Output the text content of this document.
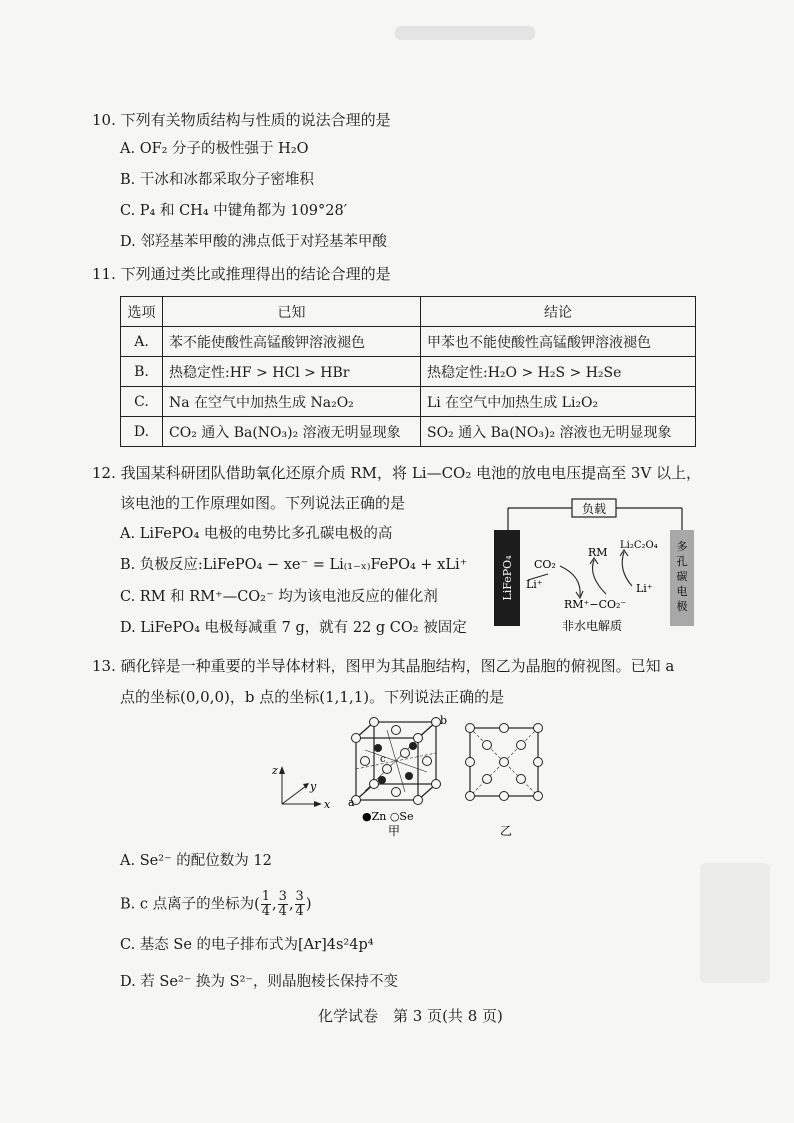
10. 下列有关物质结构与性质的说法合理的是
A. OF₂ 分子的极性强于 H₂O
B. 干冰和冰都采取分子密堆积
C. P₄ 和 CH₄ 中键角都为 109°28′
D. 邻羟基苯甲酸的沸点低于对羟基苯甲酸
11. 下列通过类比或推理得出的结论合理的是
选项	已知	结论
A.	苯不能使酸性高锰酸钾溶液褪色	甲苯也不能使酸性高锰酸钾溶液褪色
B.	热稳定性:HF > HCl > HBr	热稳定性:H₂O > H₂S > H₂Se
C.	Na 在空气中加热生成 Na₂O₂	Li 在空气中加热生成 Li₂O₂
D.	CO₂ 通入 Ba(NO₃)₂ 溶液无明显现象	SO₂ 通入 Ba(NO₃)₂ 溶液也无明显现象
12. 我国某科研团队借助氧化还原介质 RM，将 Li—CO₂ 电池的放电电压提高至 3V 以上，
该电池的工作原理如图。下列说法正确的是
A. LiFePO₄ 电极的电势比多孔碳电极的高
B. 负极反应:LiFePO₄ − xe⁻ = Li₍₁₋ₓ₎FePO₄ + xLi⁺
C. RM 和 RM⁺—CO₂⁻ 均为该电池反应的催化剂
D. LiFePO₄ 电极每减重 7 g，就有 22 g CO₂ 被固定
负载
LiFePO₄
多
孔
碳
电
极
CO₂
Li⁺
RM
Li₂C₂O₄
Li⁺
RM⁺−CO₂⁻
非水电解质
13. 硒化锌是一种重要的半导体材料，图甲为其晶胞结构，图乙为晶胞的俯视图。已知 a
点的坐标(0,0,0)，b 点的坐标(1,1,1)。下列说法正确的是
z
y
x a
b
c
●Zn ○Se
甲	乙
A. Se²⁻ 的配位数为 12
B. c 点离子的坐标为( $\frac{1}{4}$ , $\frac{3}{4}$ , $\frac{3}{4}$ )
C. 基态 Se 的电子排布式为[Ar]4s²4p⁴
D. 若 Se²⁻ 换为 S²⁻，则晶胞棱长保持不变
化学试卷　第 3 页(共 8 页)
